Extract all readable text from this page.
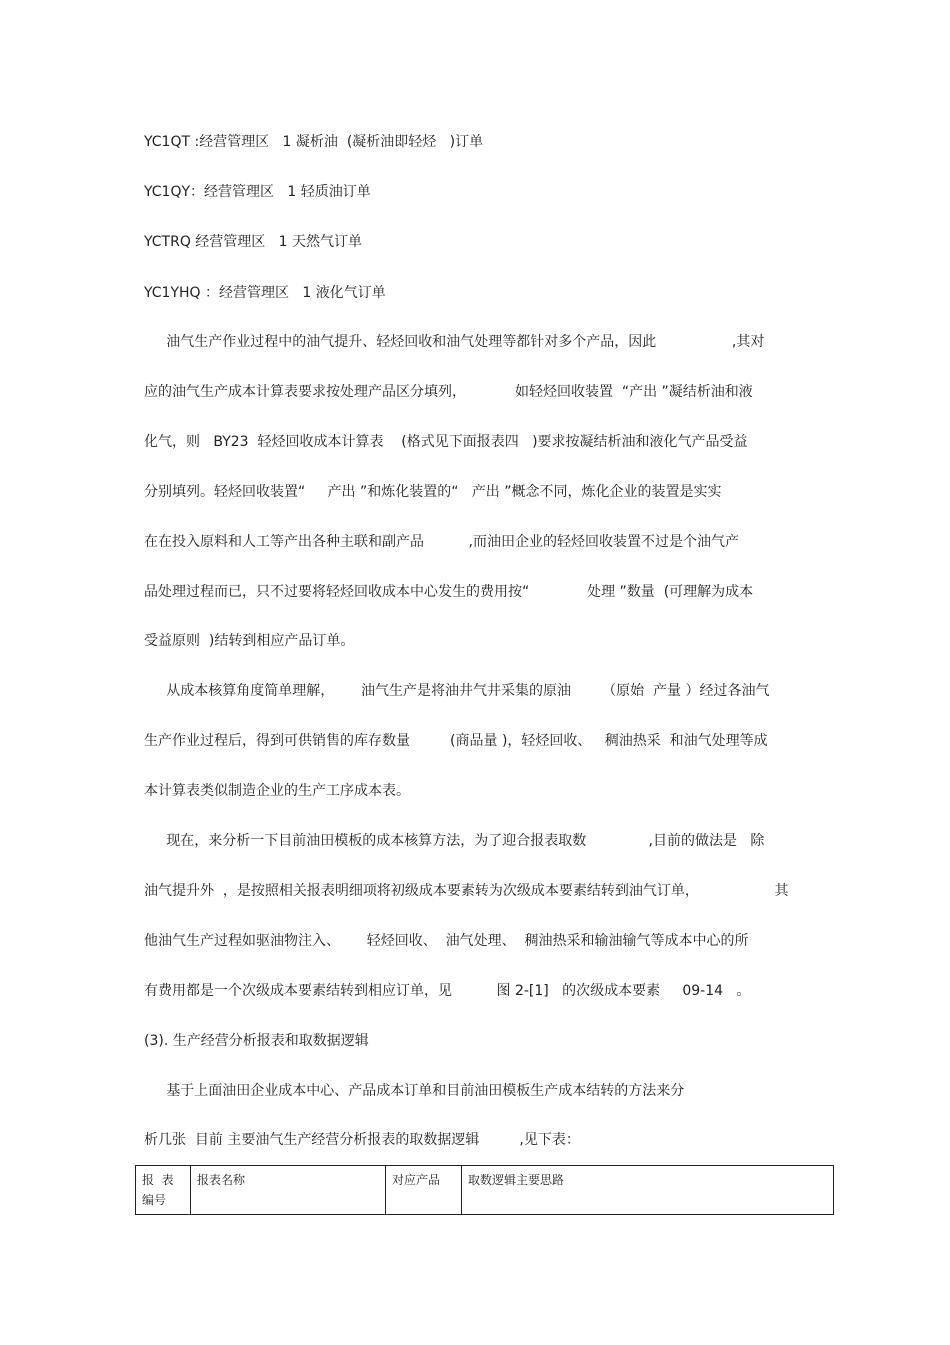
YC1QT :经营管理区   1 凝析油  (凝析油即轻烃   )订单
YC1QY：经营管理区   1 轻质油订单
YCTRQ 经营管理区   1 天然气订单
YC1YHQ ：经营管理区   1 液化气订单
油气生产作业过程中的油气提升、轻烃回收和油气处理等都针对多个产品，因此                 ,其对
应的油气生产成本计算表要求按处理产品区分填列，           如轻烃回收装置  “产出 ”凝结析油和液
化气，则   BY23  轻烃回收成本计算表    (格式见下面报表四   )要求按凝结析油和液化气产品受益
分别填列。轻烃回收装置“     产出 ”和炼化装置的“   产出 ”概念不同，炼化企业的装置是实实
在在投入原料和人工等产出各种主联和副产品          ,而油田企业的轻烃回收装置不过是个油气产
品处理过程而已，只不过要将轻烃回收成本中心发生的费用按“             处理 ”数量  (可理解为成本
受益原则  )结转到相应产品订单。
从成本核算角度简单理解，      油气生产是将油井气井采集的原油       （原始  产量 ）经过各油气
生产作业过程后，得到可供销售的库存数量         (商品量 )，轻烃回收、   稠油热采  和油气处理等成
本计算表类似制造企业的生产工序成本表。
现在，来分析一下目前油田模板的成本核算方法，为了迎合报表取数              ,目前的做法是   除
油气提升外  ，是按照相关报表明细项将初级成本要素转为次级成本要素结转到油气订单，                 其
他油气生产过程如驱油物注入、      轻烃回收、  油气处理、  稠油热采和输油输气等成本中心的所
有费用都是一个次级成本要素结转到相应订单，见          图 2-[1]   的次级成本要素     09-14   。
(3). 生产经营分析报表和取数据逻辑
基于上面油田企业成本中心、产品成本订单和目前油田模板生产成本结转的方法来分
析几张  目前 主要油气生产经营分析报表的取数据逻辑         ,见下表：
报  表
编号	报表名称	对应产品	取数逻辑主要思路
